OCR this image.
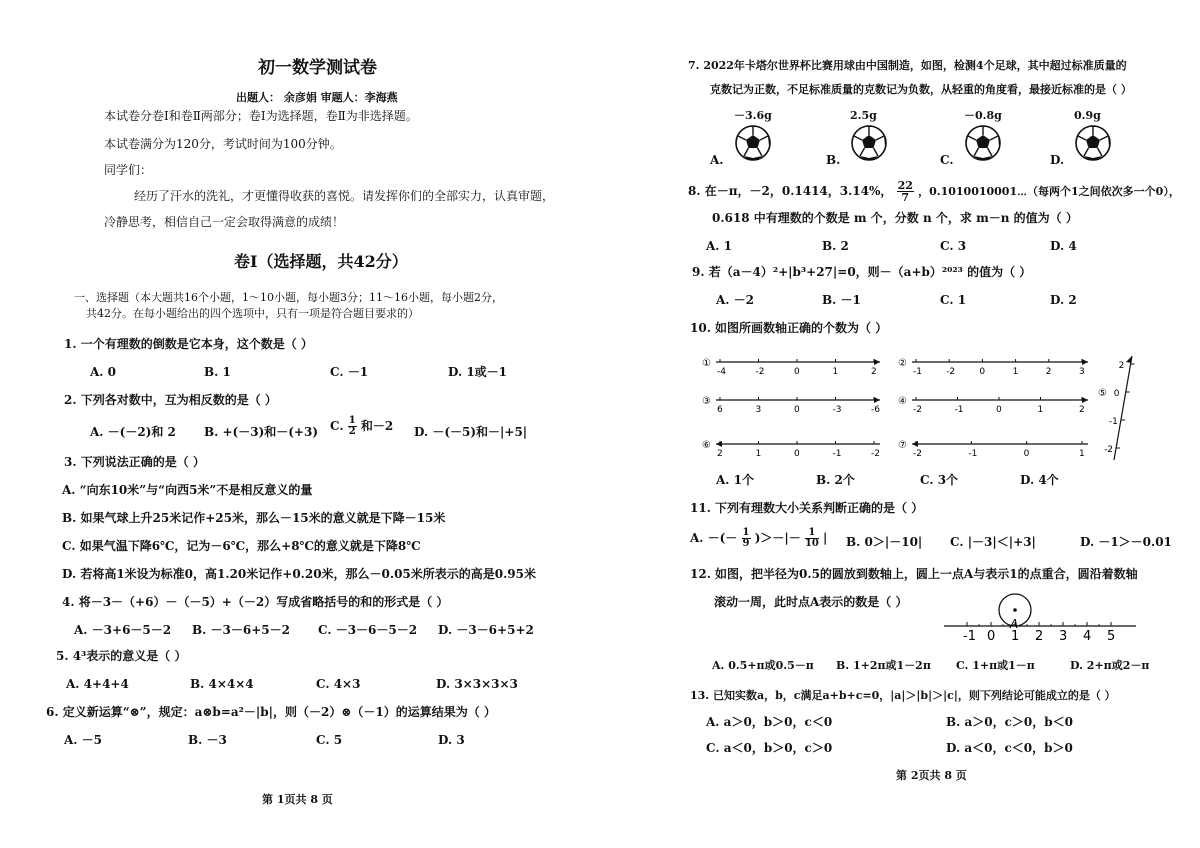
初一数学测试卷
出题人： 余彦娟 审题人：李海燕
本试卷分卷Ⅰ和卷Ⅱ两部分；卷Ⅰ为选择题，卷Ⅱ为非选择题。
本试卷满分为120分，考试时间为100分钟。
同学们：
经历了汗水的洗礼，才更懂得收获的喜悦。请发挥你们的全部实力，认真审题，
冷静思考，相信自己一定会取得满意的成绩！
卷Ⅰ（选择题，共42分）
一、选择题（本大题共16个小题，1～10小题，每小题3分；11～16小题，每小题2分，
共42分。在每小题给出的四个选项中，只有一项是符合题目要求的）
1. 一个有理数的倒数是它本身，这个数是（ ）
A. 0	B. 1	C. －1	D. 1或－1
2. 下列各对数中，互为相反数的是（ ）
A. －(－2)和 2 B. +(－3)和－(+3) C. $\frac{1}{2}$ 和－2 D. －(－5)和－|+5|
3. 下列说法正确的是（ ）
A. “向东10米”与“向西5米”不是相反意义的量
B. 如果气球上升25米记作+25米，那么－15米的意义就是下降－15米
C. 如果气温下降6℃，记为－6℃，那么+8℃的意义就是下降8℃
D. 若将高1米设为标准0，高1.20米记作+0.20米，那么－0.05米所表示的高是0.95米
4. 将－3－（+6）－（－5）+（－2）写成省略括号的和的形式是（ ）
A. －3+6－5－2 B. －3－6+5－2 C. －3－6－5－2 D. －3－6+5+2
5. 4³表示的意义是（ ）
A. 4+4+4	B. 4×4×4	C. 4×3	D. 3×3×3×3
6. 定义新运算“⊗”，规定：a⊗b=a²－|b|，则（－2）⊗（－1）的运算结果为（ ）
A. －5	B. －3	C. 5	D. 3
第 1页共 8 页
7. 2022年卡塔尔世界杯比赛用球由中国制造，如图，检测4个足球，其中超过标准质量的
克数记为正数，不足标准质量的克数记为负数，从轻重的角度看，最接近标准的是（ ）
A.
－3.6g
B.
2.5g
C.
－0.8g
D.
0.9g
8. 在－π，－2，0.1414，3.14%， $\frac{22}{7}$ ，0.1010010001⋯（每两个1之间依次多一个0），
0.618 中有理数的个数是 m 个，分数 n 个，求 m－n 的值为（ ）
A. 1	B. 2	C. 3	D. 4
9. 若（a－4）²+|b³+27|=0，则－（a+b）²⁰²³ 的值为（ ）
A. －2	B. －1	C. 1	D. 2
10. 如图所画数轴正确的个数为（ ）
①
-4	-2	0	1	2
②
-1	-2	0	1	2	3
③
6	3	0	-3	-6
④
-2	-1	0	1	2
⑥
2	1	0	-1	-2
⑦
-2	-1	0	1
⑤
2
0
-1
-2
A. 1个	B. 2个	C. 3个	D. 4个
11. 下列有理数大小关系判断正确的是（ ）
A. －(－ $\frac{1}{9}$ )＞－|－ $\frac{1}{10}$ | B. 0＞|－10| C. |－3|＜|+3|	D. －1＞－0.01
12. 如图，把半径为0.5的圆放到数轴上，圆上一点A与表示1的点重合，圆沿着数轴
滚动一周，此时点A表示的数是（ ）
-1 0 1 2 3 4 5
A
A. 0.5+π或0.5－π B. 1+2π或1－2π C. 1+π或1－π	D. 2+π或2－π
13. 已知实数a，b，c满足a+b+c=0，|a|＞|b|＞|c|，则下列结论可能成立的是（ ）
A. a＞0，b＞0，c＜0	B. a＞0，c＞0，b＜0
C. a＜0，b＞0，c＞0	D. a＜0，c＜0，b＞0
第 2页共 8 页
